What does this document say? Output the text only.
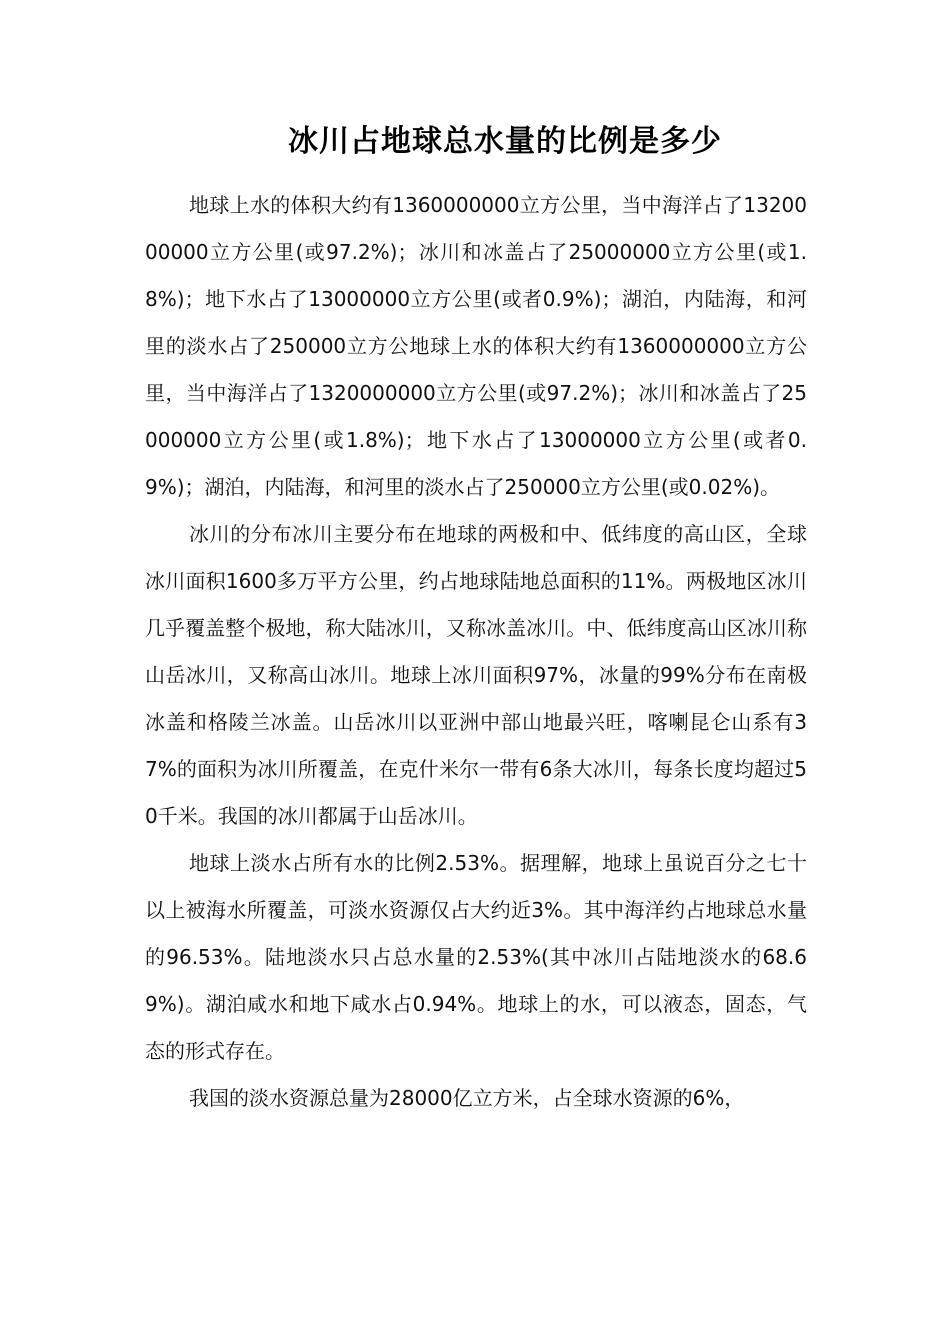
冰川占地球总水量的比例是多少

地球上水的体积大约有1360000000立方公里，当中海洋占了1320000000立方公里(或97.2%)；冰川和冰盖占了25000000立方公里(或1.8%)；地下水占了13000000立方公里(或者0.9%)；湖泊，内陆海，和河里的淡水占了250000立方公地球上水的体积大约有1360000000立方公里，当中海洋占了1320000000立方公里(或97.2%)；冰川和冰盖占了25000000立方公里(或1.8%)；地下水占了13000000立方公里(或者0.9%)；湖泊，内陆海，和河里的淡水占了250000立方公里(或0.02%)。

冰川的分布冰川主要分布在地球的两极和中、低纬度的高山区，全球冰川面积1600多万平方公里，约占地球陆地总面积的11%。两极地区冰川几乎覆盖整个极地，称大陆冰川，又称冰盖冰川。中、低纬度高山区冰川称山岳冰川，又称高山冰川。地球上冰川面积97%，冰量的99%分布在南极冰盖和格陵兰冰盖。山岳冰川以亚洲中部山地最兴旺，喀喇昆仑山系有37%的面积为冰川所覆盖，在克什米尔一带有6条大冰川，每条长度均超过50千米。我国的冰川都属于山岳冰川。

地球上淡水占所有水的比例2.53%。据理解，地球上虽说百分之七十以上被海水所覆盖，可淡水资源仅占大约近3%。其中海洋约占地球总水量的96.53%。陆地淡水只占总水量的2.53%(其中冰川占陆地淡水的68.69%)。湖泊咸水和地下咸水占0.94%。地球上的水，可以液态，固态，气态的形式存在。

我国的淡水资源总量为28000亿立方米，占全球水资源的6%，
